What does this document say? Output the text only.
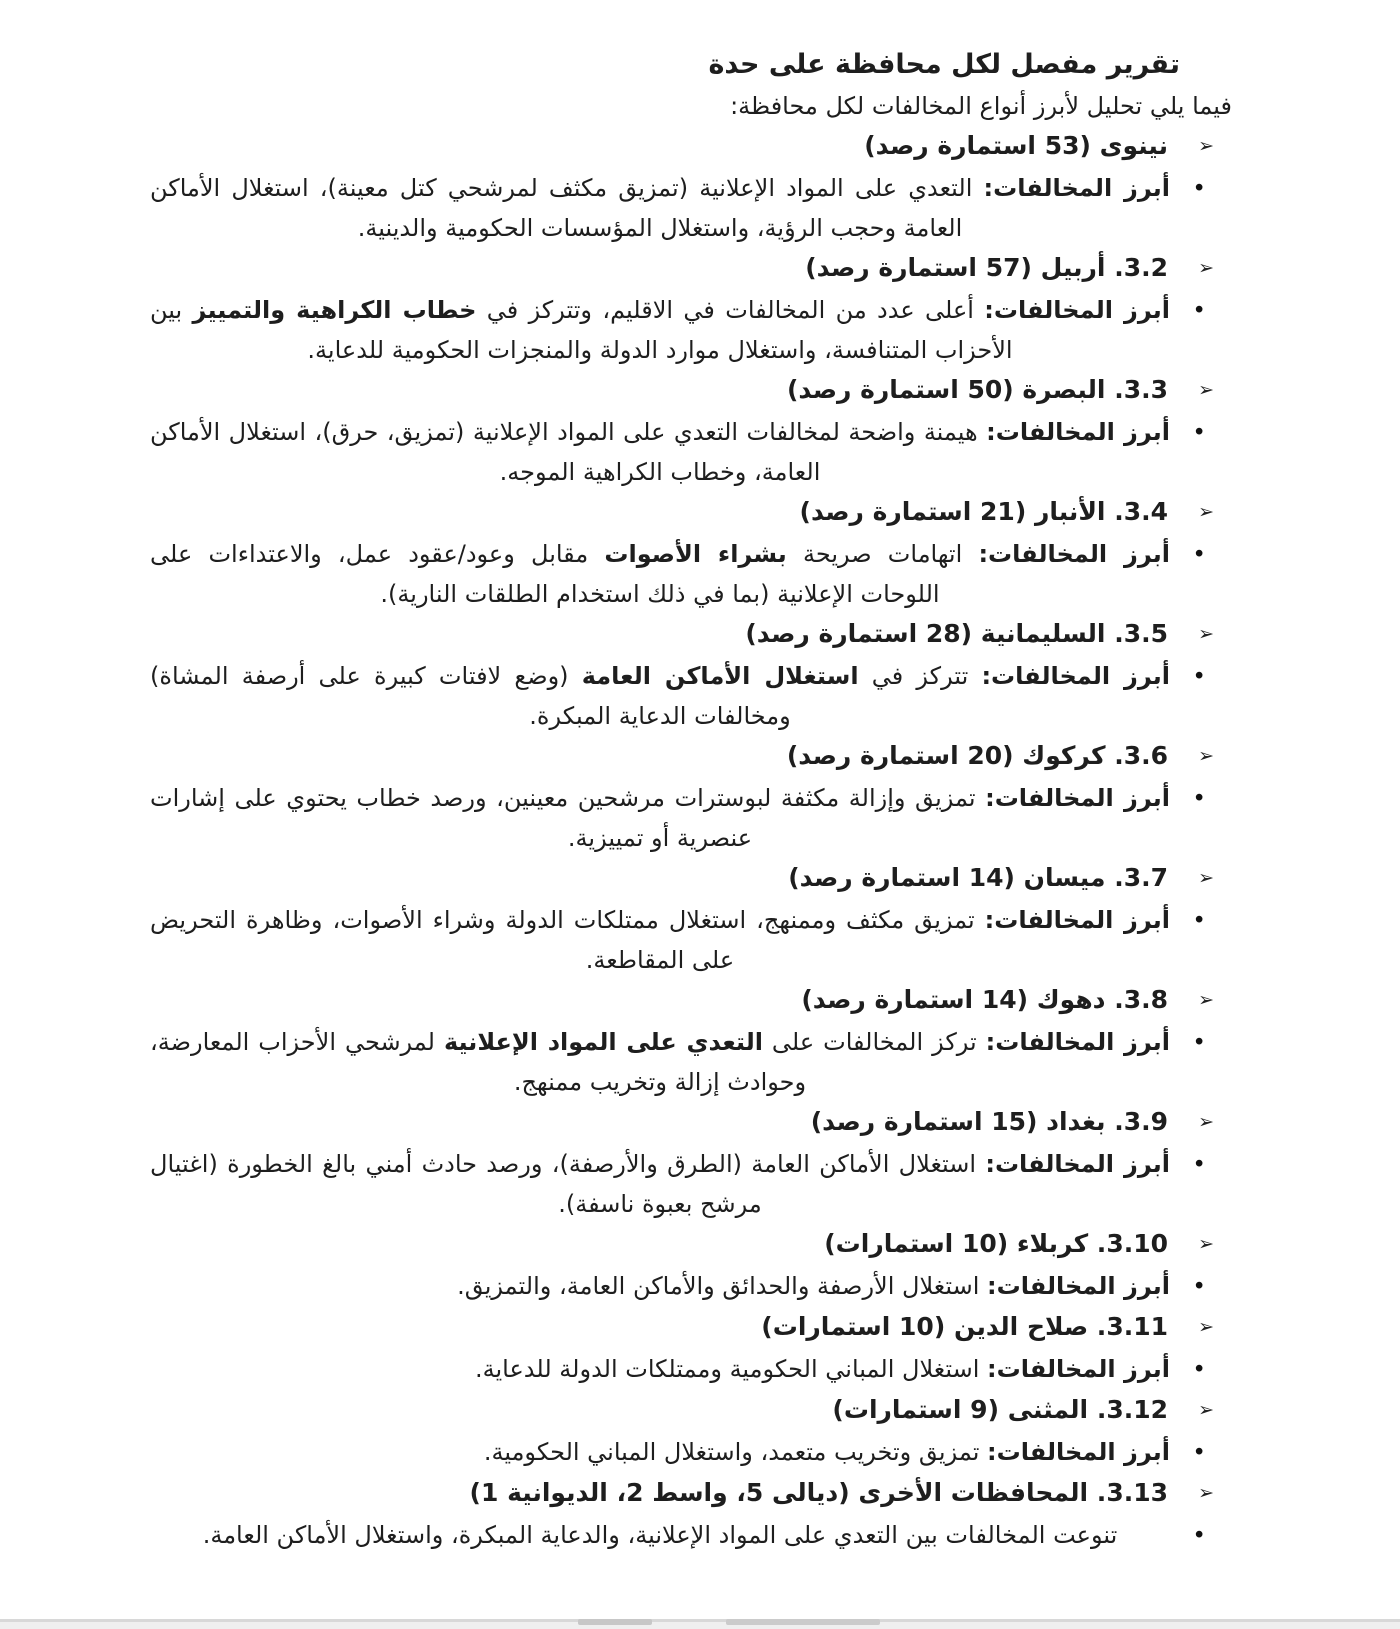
تقرير مفصل لكل محافظة على حدة

فيما يلي تحليل لأبرز أنواع المخالفات لكل محافظة:

➢
نينوى (53 استمارة رصد)
•

أبرز المخالفات: التعدي على المواد الإعلانية (تمزيق مكثف لمرشحي كتل معينة)، استغلال الأماكن العامة وحجب الرؤية، واستغلال المؤسسات الحكومية والدينية.

➢
3.2. أربيل (57 استمارة رصد)
•

أبرز المخالفات: أعلى عدد من المخالفات في الاقليم، وتتركز في خطاب الكراهية والتمييز بين الأحزاب المتنافسة، واستغلال موارد الدولة والمنجزات الحكومية للدعاية.

➢
3.3. البصرة (50 استمارة رصد)
•

أبرز المخالفات: هيمنة واضحة لمخالفات التعدي على المواد الإعلانية (تمزيق، حرق)، استغلال الأماكن العامة، وخطاب الكراهية الموجه.

➢
3.4. الأنبار (21 استمارة رصد)
•

أبرز المخالفات: اتهامات صريحة بشراء الأصوات مقابل وعود/عقود عمل، والاعتداءات على اللوحات الإعلانية (بما في ذلك استخدام الطلقات النارية).

➢
3.5. السليمانية (28 استمارة رصد)
•

أبرز المخالفات: تتركز في استغلال الأماكن العامة (وضع لافتات كبيرة على أرصفة المشاة) ومخالفات الدعاية المبكرة.

➢
3.6. كركوك (20 استمارة رصد)
•

أبرز المخالفات: تمزيق وإزالة مكثفة لبوسترات مرشحين معينين، ورصد خطاب يحتوي على إشارات عنصرية أو تمييزية.

➢
3.7. ميسان (14 استمارة رصد)
•

أبرز المخالفات: تمزيق مكثف وممنهج، استغلال ممتلكات الدولة وشراء الأصوات، وظاهرة التحريض على المقاطعة.

➢
3.8. دهوك (14 استمارة رصد)
•

أبرز المخالفات: تركز المخالفات على التعدي على المواد الإعلانية لمرشحي الأحزاب المعارضة، وحوادث إزالة وتخريب ممنهج.

➢
3.9. بغداد (15 استمارة رصد)
•

أبرز المخالفات: استغلال الأماكن العامة (الطرق والأرصفة)، ورصد حادث أمني بالغ الخطورة (اغتيال مرشح بعبوة ناسفة).

➢
3.10. كربلاء (10 استمارات)
•

أبرز المخالفات: استغلال الأرصفة والحدائق والأماكن العامة، والتمزيق.

➢
3.11. صلاح الدين (10 استمارات)
•

أبرز المخالفات: استغلال المباني الحكومية وممتلكات الدولة للدعاية.

➢
3.12. المثنى (9 استمارات)
•

أبرز المخالفات: تمزيق وتخريب متعمد، واستغلال المباني الحكومية.

➢
3.13. المحافظات الأخرى (ديالى 5، واسط 2، الديوانية 1)
•

تنوعت المخالفات بين التعدي على المواد الإعلانية، والدعاية المبكرة، واستغلال الأماكن العامة.
